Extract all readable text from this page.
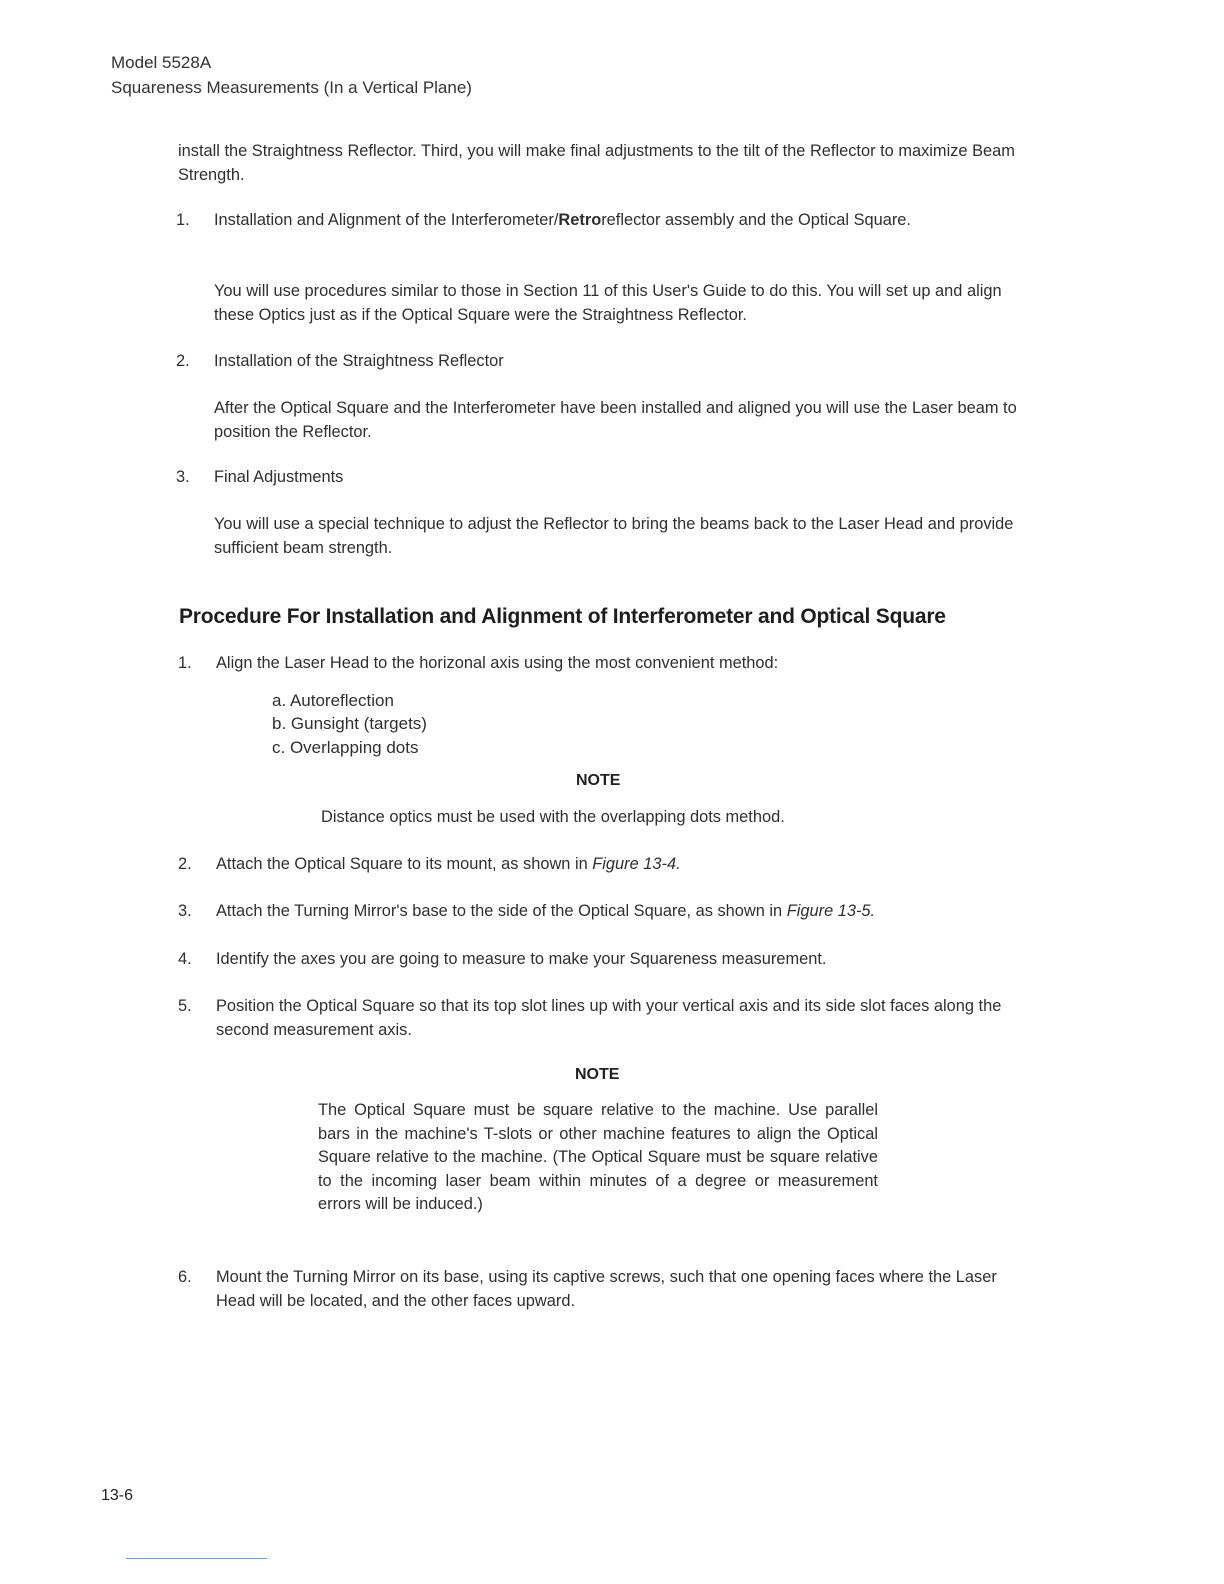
Model 5528A
Squareness Measurements (In a Vertical Plane)

install the Straightness Reflector. Third, you will make final adjustments to the tilt of the Reflector to maximize Beam Strength.

1. Installation and Alignment of the Interferometer/Retroreflector assembly and the Optical Square.

You will use procedures similar to those in Section 11 of this User's Guide to do this. You will set up and align these Optics just as if the Optical Square were the Straightness Reflector.

2. Installation of the Straightness Reflector

After the Optical Square and the Interferometer have been installed and aligned you will use the Laser beam to position the Reflector.

3. Final Adjustments

You will use a special technique to adjust the Reflector to bring the beams back to the Laser Head and provide sufficient beam strength.

Procedure For Installation and Alignment of Interferometer and Optical Square
1. Align the Laser Head to the horizonal axis using the most convenient method:

a. Autoreflection
b. Gunsight (targets)
c. Overlapping dots
NOTE

Distance optics must be used with the overlapping dots method.

2. Attach the Optical Square to its mount, as shown in Figure 13-4.

3. Attach the Turning Mirror's base to the side of the Optical Square, as shown in Figure 13-5.

4. Identify the axes you are going to measure to make your Squareness measurement.

5. Position the Optical Square so that its top slot lines up with your vertical axis and its side slot faces along the second measurement axis.

NOTE

The Optical Square must be square relative to the machine. Use parallel bars in the machine's T-slots or other machine features to align the Optical Square relative to the machine. (The Optical Square must be square relative to the incoming laser beam within minutes of a degree or measurement errors will be induced.)

6. Mount the Turning Mirror on its base, using its captive screws, such that one opening faces where the Laser Head will be located, and the other faces upward.

13-6
